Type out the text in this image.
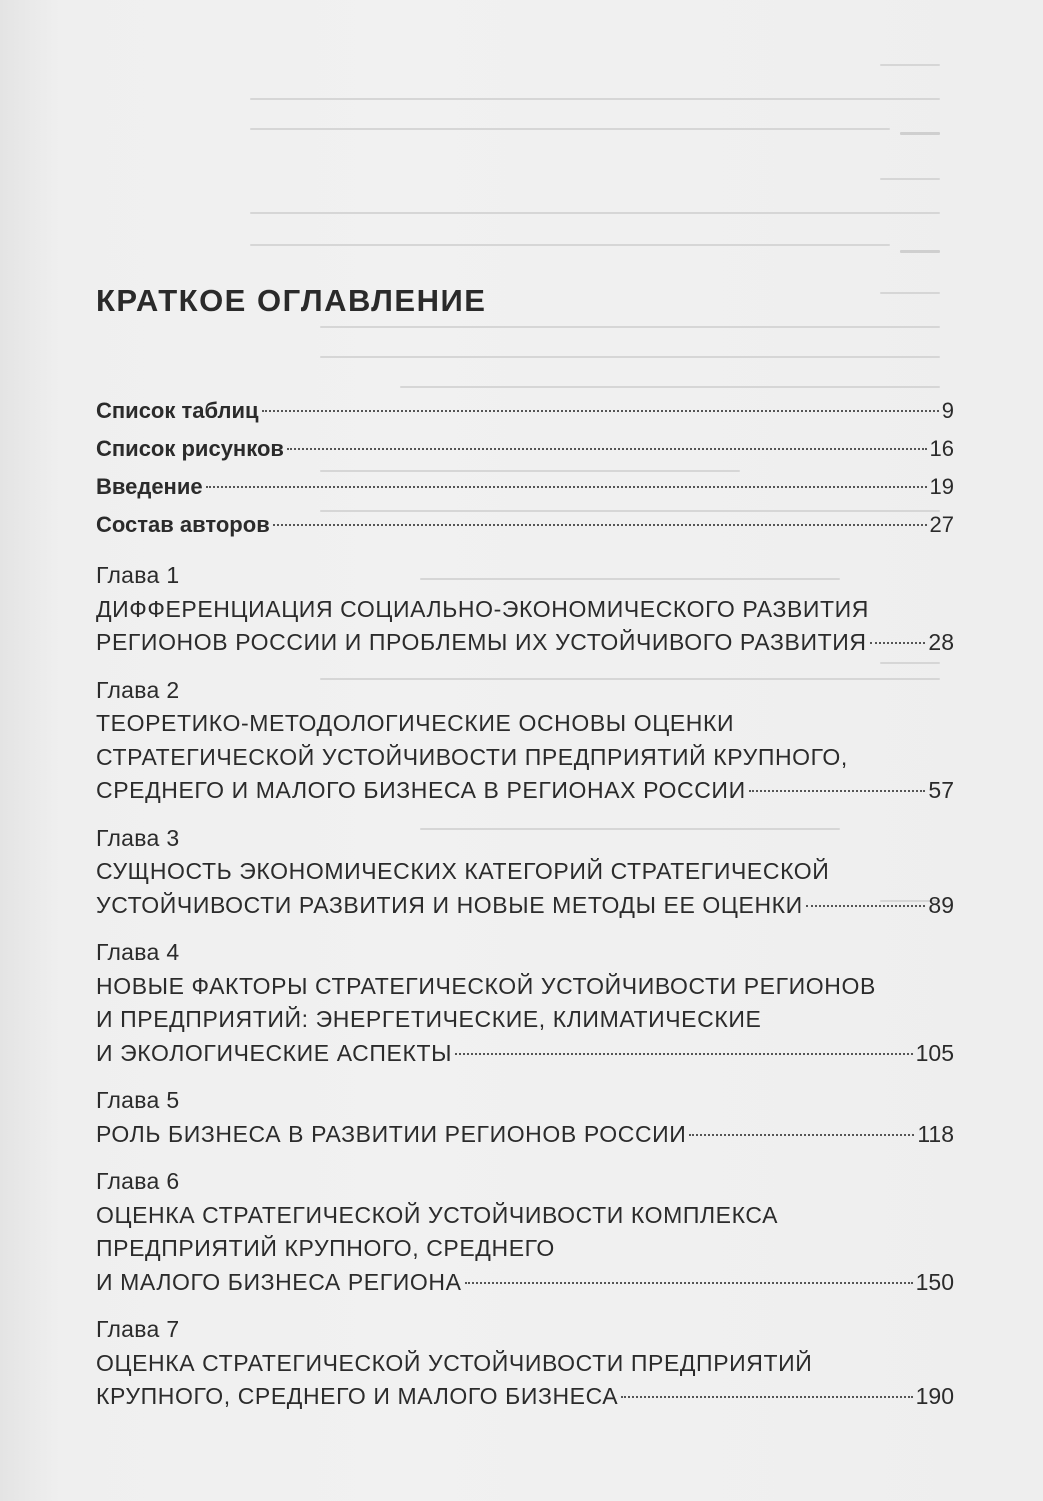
КРАТКОЕ ОГЛАВЛЕНИЕ
Список таблиц	9
Список рисунков	16
Введение	19
Состав авторов	27
Глава 1
ДИФФЕРЕНЦИАЦИЯ СОЦИАЛЬНО-ЭКОНОМИЧЕСКОГО РАЗВИТИЯ
РЕГИОНОВ РОССИИ И ПРОБЛЕМЫ ИХ УСТОЙЧИВОГО РАЗВИТИЯ	28
Глава 2
ТЕОРЕТИКО-МЕТОДОЛОГИЧЕСКИЕ ОСНОВЫ ОЦЕНКИ
СТРАТЕГИЧЕСКОЙ УСТОЙЧИВОСТИ ПРЕДПРИЯТИЙ КРУПНОГО,
СРЕДНЕГО И МАЛОГО БИЗНЕСА В РЕГИОНАХ РОССИИ	57
Глава 3
СУЩНОСТЬ ЭКОНОМИЧЕСКИХ КАТЕГОРИЙ СТРАТЕГИЧЕСКОЙ
УСТОЙЧИВОСТИ РАЗВИТИЯ И НОВЫЕ МЕТОДЫ ЕЕ ОЦЕНКИ	89
Глава 4
НОВЫЕ ФАКТОРЫ СТРАТЕГИЧЕСКОЙ УСТОЙЧИВОСТИ РЕГИОНОВ
И ПРЕДПРИЯТИЙ: ЭНЕРГЕТИЧЕСКИЕ, КЛИМАТИЧЕСКИЕ
И ЭКОЛОГИЧЕСКИЕ АСПЕКТЫ	105
Глава 5
РОЛЬ БИЗНЕСА В РАЗВИТИИ РЕГИОНОВ РОССИИ	118
Глава 6
ОЦЕНКА СТРАТЕГИЧЕСКОЙ УСТОЙЧИВОСТИ КОМПЛЕКСА
ПРЕДПРИЯТИЙ КРУПНОГО, СРЕДНЕГО
И МАЛОГО БИЗНЕСА РЕГИОНА	150
Глава 7
ОЦЕНКА СТРАТЕГИЧЕСКОЙ УСТОЙЧИВОСТИ ПРЕДПРИЯТИЙ
КРУПНОГО, СРЕДНЕГО И МАЛОГО БИЗНЕСА	190
